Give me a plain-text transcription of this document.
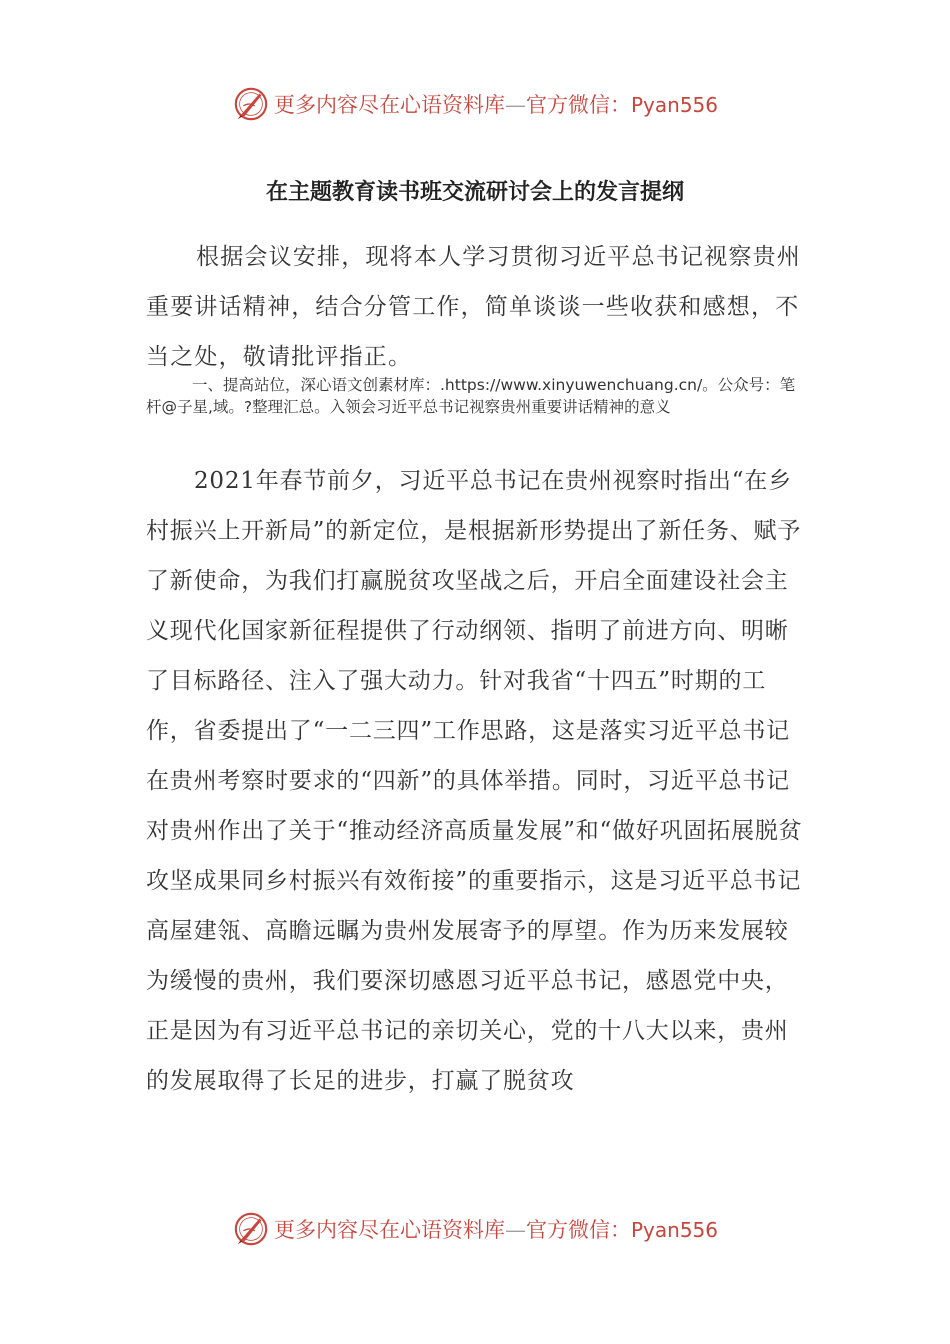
更多内容尽在心语资料库—官方微信：Pyan556
在主题教育读书班交流研讨会上的发言提纲

根据会议安排，现将本人学习贯彻习近平总书记视察贵州重要讲话精神，结合分管工作，简单谈谈一些收获和感想，不当之处，敬请批评指正。

一、提高站位，深心语文创素材库：.https://www.xinyuwenchuang.cn/。公众号：笔杆@子星,域。?整理汇总。入领会习近平总书记视察贵州重要讲话精神的意义

2021年春节前夕，习近平总书记在贵州视察时指出“在乡村振兴上开新局”的新定位，是根据新形势提出了新任务、赋予了新使命，为我们打赢脱贫攻坚战之后，开启全面建设社会主义现代化国家新征程提供了行动纲领、指明了前进方向、明晰了目标路径、注入了强大动力。针对我省“十四五”时期的工作，省委提出了“一二三四”工作思路，这是落实习近平总书记在贵州考察时要求的“四新”的具体举措。同时，习近平总书记对贵州作出了关于“推动经济高质量发展”和“做好巩固拓展脱贫攻坚成果同乡村振兴有效衔接”的重要指示，这是习近平总书记高屋建瓴、高瞻远瞩为贵州发展寄予的厚望。作为历来发展较为缓慢的贵州，我们要深切感恩习近平总书记，感恩党中央，正是因为有习近平总书记的亲切关心，党的十八大以来，贵州的发展取得了长足的进步，打赢了脱贫攻

更多内容尽在心语资料库—官方微信：Pyan556
